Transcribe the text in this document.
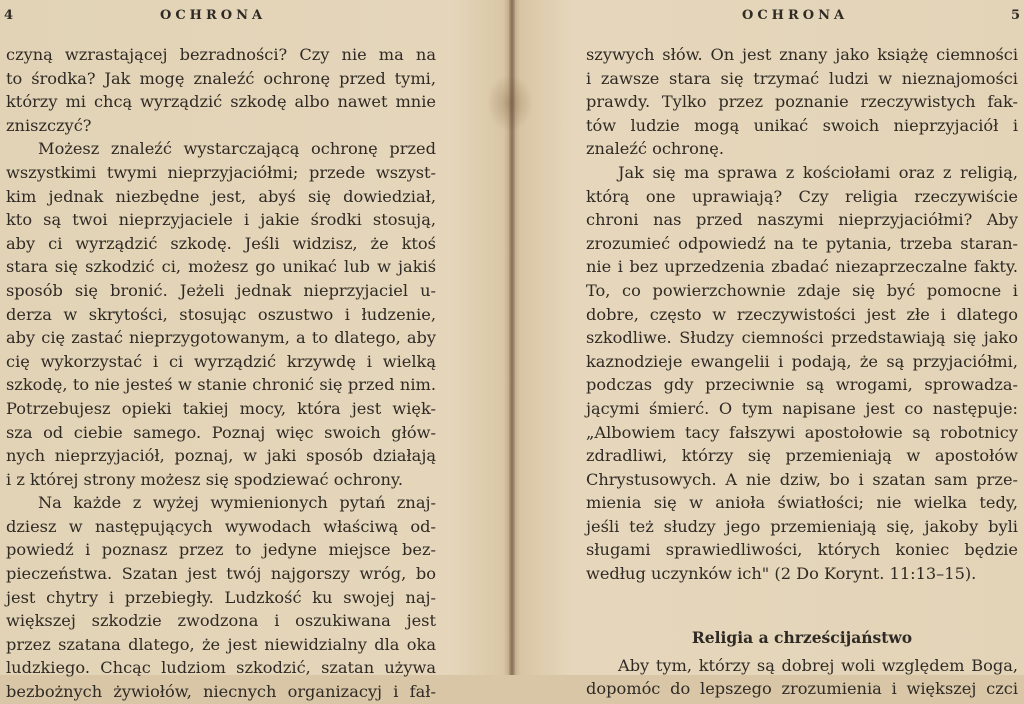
4	OCHRONA
czyną wzrastającej bezradności? Czy nie ma na
to środka? Jak mogę znaleźć ochronę przed tymi,
którzy mi chcą wyrządzić szkodę albo nawet mnie
zniszczyć?
Możesz znaleźć wystarczającą ochronę przed
wszystkimi twymi nieprzyjaciółmi; przede wszyst-
kim jednak niezbędne jest, abyś się dowiedział,
kto są twoi nieprzyjaciele i jakie środki stosują,
aby ci wyrządzić szkodę. Jeśli widzisz, że ktoś
stara się szkodzić ci, możesz go unikać lub w jakiś
sposób się bronić. Jeżeli jednak nieprzyjaciel u-
derza w skrytości, stosując oszustwo i łudzenie,
aby cię zastać nieprzygotowanym, a to dlatego, aby
cię wykorzystać i ci wyrządzić krzywdę i wielką
szkodę, to nie jesteś w stanie chronić się przed nim.
Potrzebujesz opieki takiej mocy, która jest więk-
sza od ciebie samego. Poznaj więc swoich głów-
nych nieprzyjaciół, poznaj, w jaki sposób działają
i z której strony możesz się spodziewać ochrony.
Na każde z wyżej wymienionych pytań znaj-
dziesz w następujących wywodach właściwą od-
powiedź i poznasz przez to jedyne miejsce bez-
pieczeństwa. Szatan jest twój najgorszy wróg, bo
jest chytry i przebiegły. Ludzkość ku swojej naj-
większej szkodzie zwodzona i oszukiwana jest
przez szatana dlatego, że jest niewidzialny dla oka
ludzkiego. Chcąc ludziom szkodzić, szatan używa
bezbożnych żywiołów, niecnych organizacyj i fał-
OCHRONA	5
szywych słów. On jest znany jako książę ciemności
i zawsze stara się trzymać ludzi w nieznajomości
prawdy. Tylko przez poznanie rzeczywistych fak-
tów ludzie mogą unikać swoich nieprzyjaciół i
znaleźć ochronę.
Jak się ma sprawa z kościołami oraz z religią,
którą one uprawiają? Czy religia rzeczywiście
chroni nas przed naszymi nieprzyjaciółmi? Aby
zrozumieć odpowiedź na te pytania, trzeba staran-
nie i bez uprzedzenia zbadać niezaprzeczalne fakty.
To, co powierzchownie zdaje się być pomocne i
dobre, często w rzeczywistości jest złe i dlatego
szkodliwe. Słudzy ciemności przedstawiają się jako
kaznodzieje ewangelii i podają, że są przyjaciółmi,
podczas gdy przeciwnie są wrogami, sprowadza-
jącymi śmierć. O tym napisane jest co następuje:
„Albowiem tacy fałszywi apostołowie są robotnicy
zdradliwi, którzy się przemieniają w apostołów
Chrystusowych. A nie dziw, bo i szatan sam prze-
mienia się w anioła światłości; nie wielka tedy,
jeśli też słudzy jego przemieniają się, jakoby byli
sługami sprawiedliwości, których koniec będzie
według uczynków ich" (2 Do Korynt. 11:13–15).
Religia a chrześcijaństwo
Aby tym, którzy są dobrej woli względem Boga,
dopomóc do lepszego zrozumienia i większej czci
